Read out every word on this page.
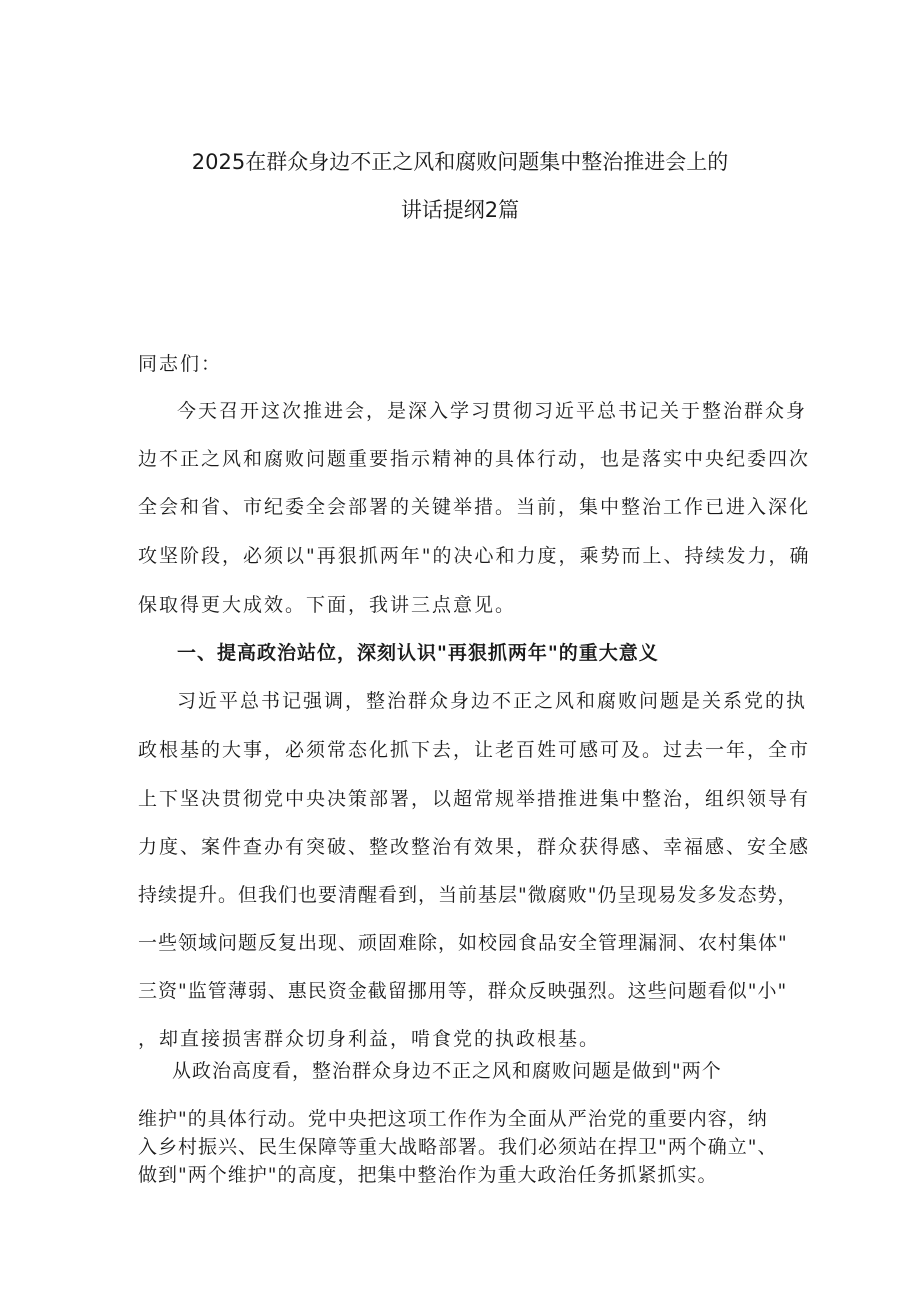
2025在群众身边不正之风和腐败问题集中整治推进会上的
讲话提纲2篇
同志们：
今天召开这次推进会，是深入学习贯彻习近平总书记关于整治群众身
边不正之风和腐败问题重要指示精神的具体行动，也是落实中央纪委四次
全会和省、市纪委全会部署的关键举措。当前，集中整治工作已进入深化
攻坚阶段，必须以"再狠抓两年"的决心和力度，乘势而上、持续发力，确
保取得更大成效。下面，我讲三点意见。
一、提高政治站位，深刻认识"再狠抓两年"的重大意义
习近平总书记强调，整治群众身边不正之风和腐败问题是关系党的执
政根基的大事，必须常态化抓下去，让老百姓可感可及。过去一年，全市
上下坚决贯彻党中央决策部署，以超常规举措推进集中整治，组织领导有
力度、案件查办有突破、整改整治有效果，群众获得感、幸福感、安全感
持续提升。但我们也要清醒看到，当前基层"微腐败"仍呈现易发多发态势，
一些领域问题反复出现、顽固难除，如校园食品安全管理漏洞、农村集体"
三资"监管薄弱、惠民资金截留挪用等，群众反映强烈。这些问题看似"小"
，却直接损害群众切身利益，啃食党的执政根基。
从政治高度看，整治群众身边不正之风和腐败问题是做到"两个
维护"的具体行动。党中央把这项工作作为全面从严治党的重要内容，纳
入乡村振兴、民生保障等重大战略部署。我们必须站在捍卫"两个确立"、
做到"两个维护"的高度，把集中整治作为重大政治任务抓紧抓实。
